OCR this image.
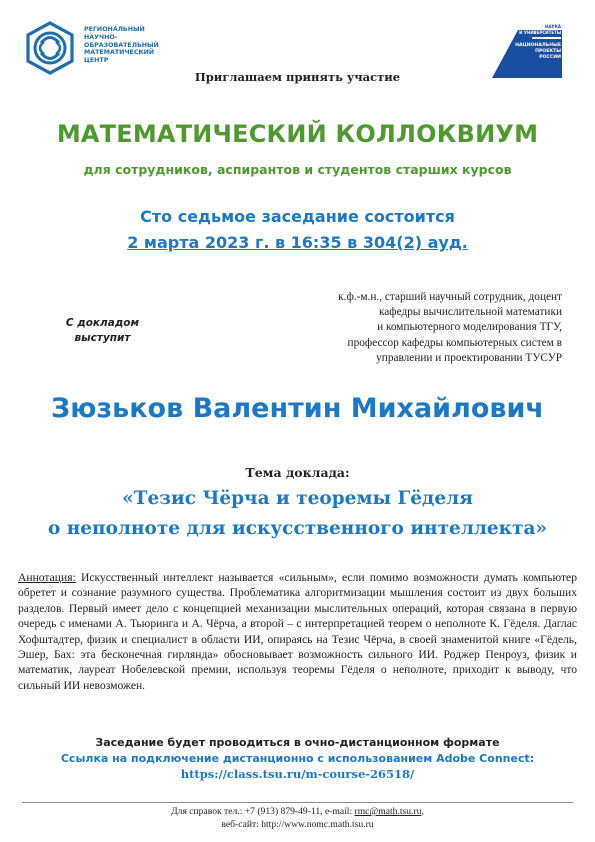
РЕГИОНАЛЬНЫЙ
НАУЧНО-
ОБРАЗОВАТЕЛЬНЫЙ
МАТЕМАТИЧЕСКИЙ
ЦЕНТР
НАУКА
И УНИВЕРСИТЕТЫ
НАЦИОНАЛЬНЫЕ
ПРОЕКТЫ
РОССИИ
Приглашаем принять участие
МАТЕМАТИЧЕСКИЙ КОЛЛОКВИУМ
для сотрудников, аспирантов и студентов старших курсов
Сто седьмое заседание состоится
2 марта 2023 г. в 16:35 в 304(2) ауд.
С докладом
выступит
к.ф.-м.н., старший научный сотрудник, доцент
кафедры вычислительной математики
и компьютерного моделирования ТГУ,
профессор кафедры компьютерных систем в
управлении и проектировании ТУСУР
Зюзьков Валентин Михайлович
Тема доклада:
«Тезис Чёрча и теоремы Гёделя
о неполноте для искусственного интеллекта»
Аннотация: Искусственный интеллект называется «сильным», если помимо возможности думать компьютер обретет и сознание разумного существа. Проблематика алгоритмизации мышления состоит из двух больших разделов. Первый имеет дело с концепцией механизации мыслительных операций, которая связана в первую очередь с именами А. Тьюринга и А. Чёрча, а второй – с интерпретацией теорем о неполноте К. Гёделя. Даглас Хофштадтер, физик и специалист в области ИИ, опираясь на Тезис Чёрча, в своей знаменитой книге «Гёдель, Эшер, Бах: эта бесконечная гирлянда» обосновывает возможность сильного ИИ. Роджер Пенроуз, физик и математик, лауреат Нобелевской премии, используя теоремы Гёделя о неполноте, приходит к выводу, что сильный ИИ невозможен.
Заседание будет проводиться в очно-дистанционном формате
Ссылка на подключение дистанционно с использованием Adobe Connect:
https://class.tsu.ru/m-course-26518/
Для справок тел.: +7 (913) 879-49-11, e-mail: rmc@math.tsu.ru,
веб-сайт: http://www.nomc.math.tsu.ru
